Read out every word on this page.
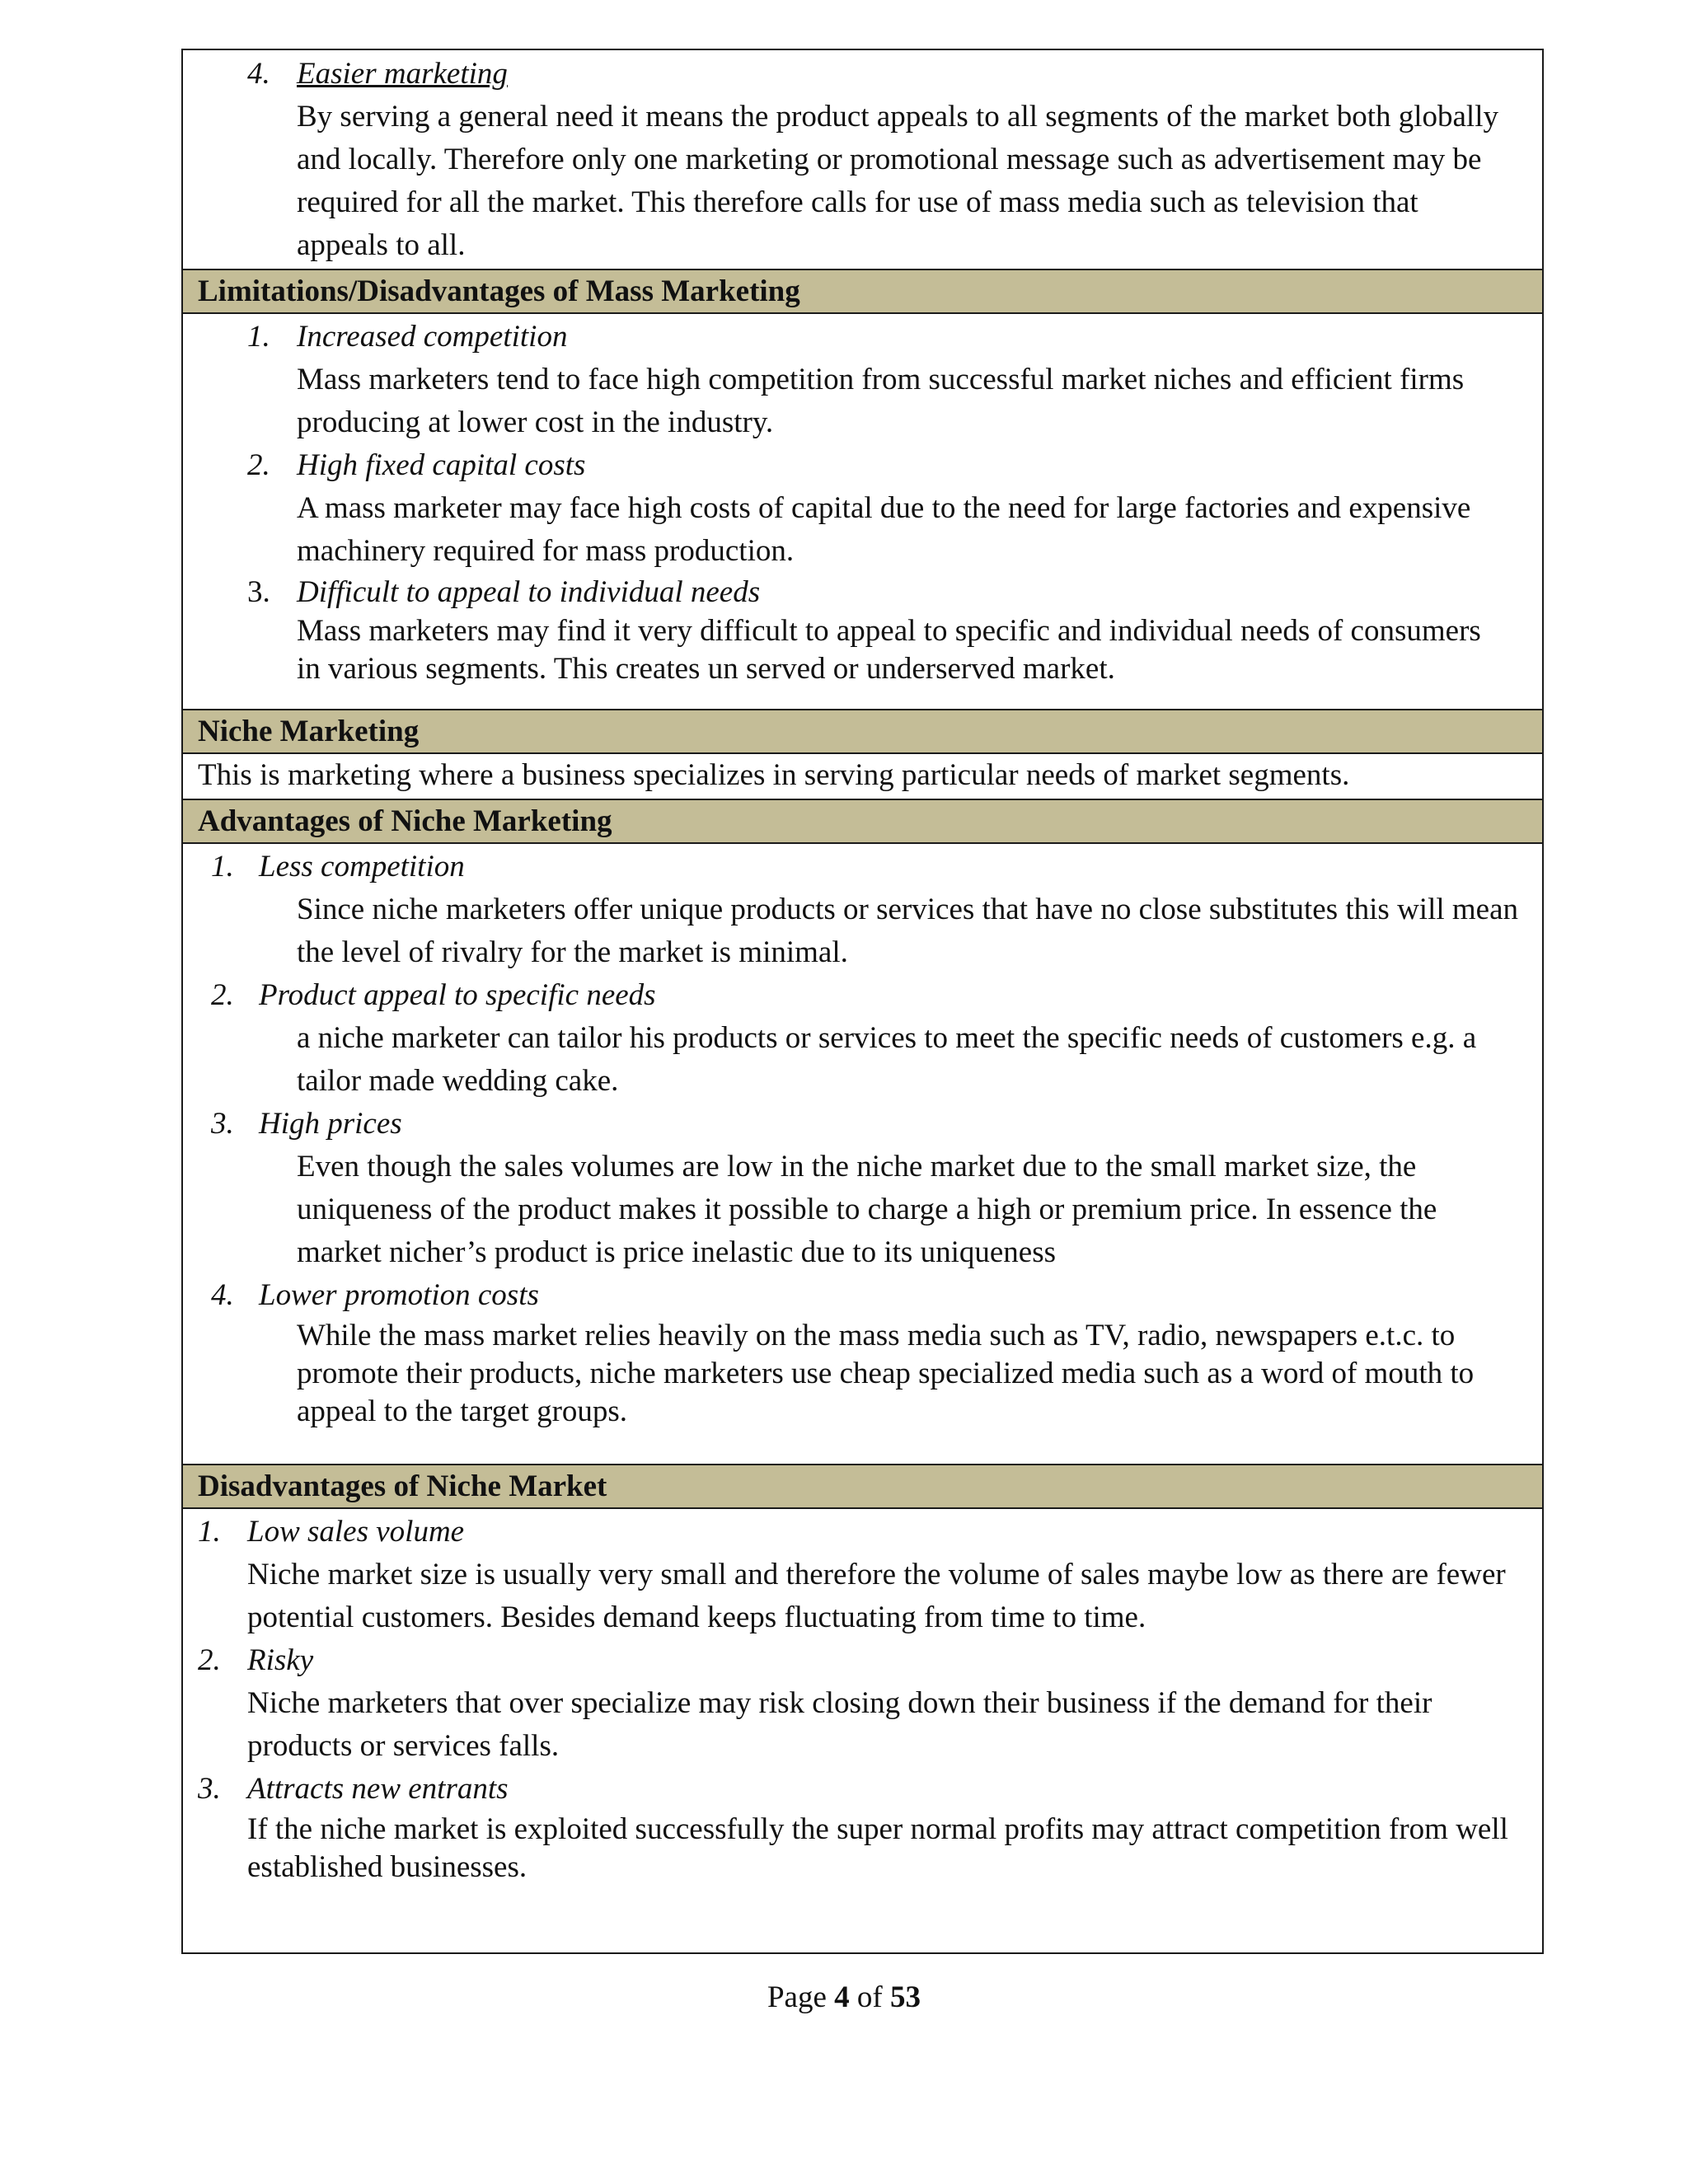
4. Easier marketing
By serving a general need it means the product appeals to all segments of the market both globally and locally. Therefore only one marketing or promotional message such as advertisement may be required for all the market. This therefore calls for use of mass media such as television that appeals to all.
Limitations/Disadvantages of Mass Marketing
1. Increased competition
Mass marketers tend to face high competition from successful market niches and efficient firms producing at lower cost in the industry.
2. High fixed capital costs
A mass marketer may face high costs of capital due to the need for large factories and expensive machinery required for mass production.
3. Difficult to appeal to individual needs
Mass marketers may find it very difficult to appeal to specific and individual needs of consumers in various segments. This creates un served or underserved market.
Niche Marketing
This is marketing where a business specializes in serving particular needs of market segments.
Advantages of Niche Marketing
1. Less competition
Since niche marketers offer unique products or services that have no close substitutes this will mean the level of rivalry for the market is minimal.
2. Product appeal to specific needs
a niche marketer can tailor his products or services to meet the specific needs of customers e.g. a tailor made wedding cake.
3. High prices
Even though the sales volumes are low in the niche market due to the small market size, the uniqueness of the product makes it possible to charge a high or premium price. In essence the market nicher’s product is price inelastic due to its uniqueness
4. Lower promotion costs
While the mass market relies heavily on the mass media such as TV, radio, newspapers e.t.c. to promote their products, niche marketers use cheap specialized media such as a word of mouth to appeal to the target groups.
Disadvantages of Niche Market
1. Low sales volume
Niche market size is usually very small and therefore the volume of sales maybe low as there are fewer potential customers. Besides demand keeps fluctuating from time to time.
2. Risky
Niche marketers that over specialize may risk closing down their business if the demand for their products or services falls.
3. Attracts new entrants
If the niche market is exploited successfully the super normal profits may attract competition from well established businesses.
Page 4 of 53
